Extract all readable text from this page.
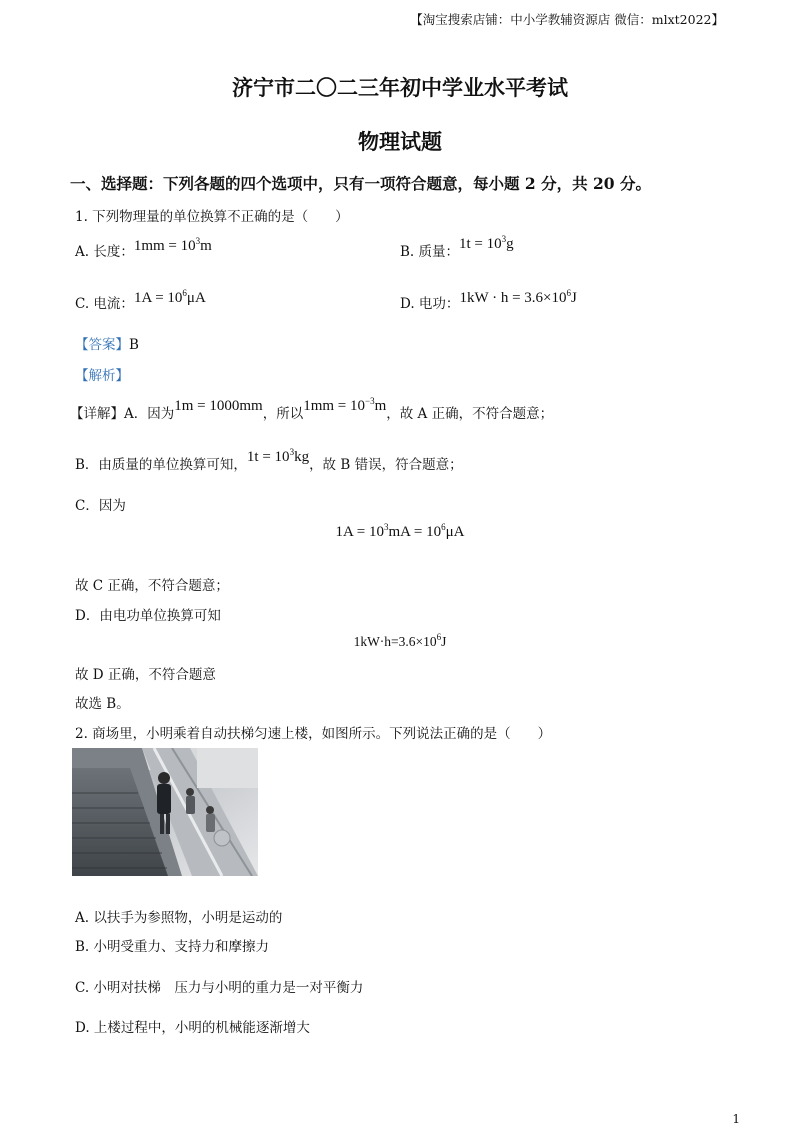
【淘宝搜索店铺：中小学教辅资源店 微信：mlxt2022】
济宁市二〇二三年初中学业水平考试
物理试题
一、选择题：下列各题的四个选项中，只有一项符合题意，每小题 2 分，共 20 分。
1. 下列物理量的单位换算不正确的是（　　）
A. 长度：$1mm = 10^3m$	B. 质量：$1t = 10^3g$
C. 电流：$1A = 10^6\mu A$	D. 电功：$1kW \cdot h = 3.6\times 10^6J$
【答案】B
【解析】
【详解】A．因为1m = 1000mm，所以$1mm = 10^{-3}m$，故 A 正确，不符合题意；
B．由质量的单位换算可知，$1t = 10^3kg$，故 B 错误，符合题意；
C．因为
$1A = 10^3mA = 10^6\mu A$
故 C 正确，不符合题意；
D．由电功单位换算可知
$1kW\cdot h=3.6\times 10^6J$
故 D 正确，不符合题意
故选 B。
2. 商场里，小明乘着自动扶梯匀速上楼，如图所示。下列说法正确的是（　　）
A. 以扶手为参照物，小明是运动的
B. 小明受重力、支持力和摩擦力
C. 小明对扶梯　压力与小明的重力是一对平衡力
D. 上楼过程中，小明的机械能逐渐增大
1
